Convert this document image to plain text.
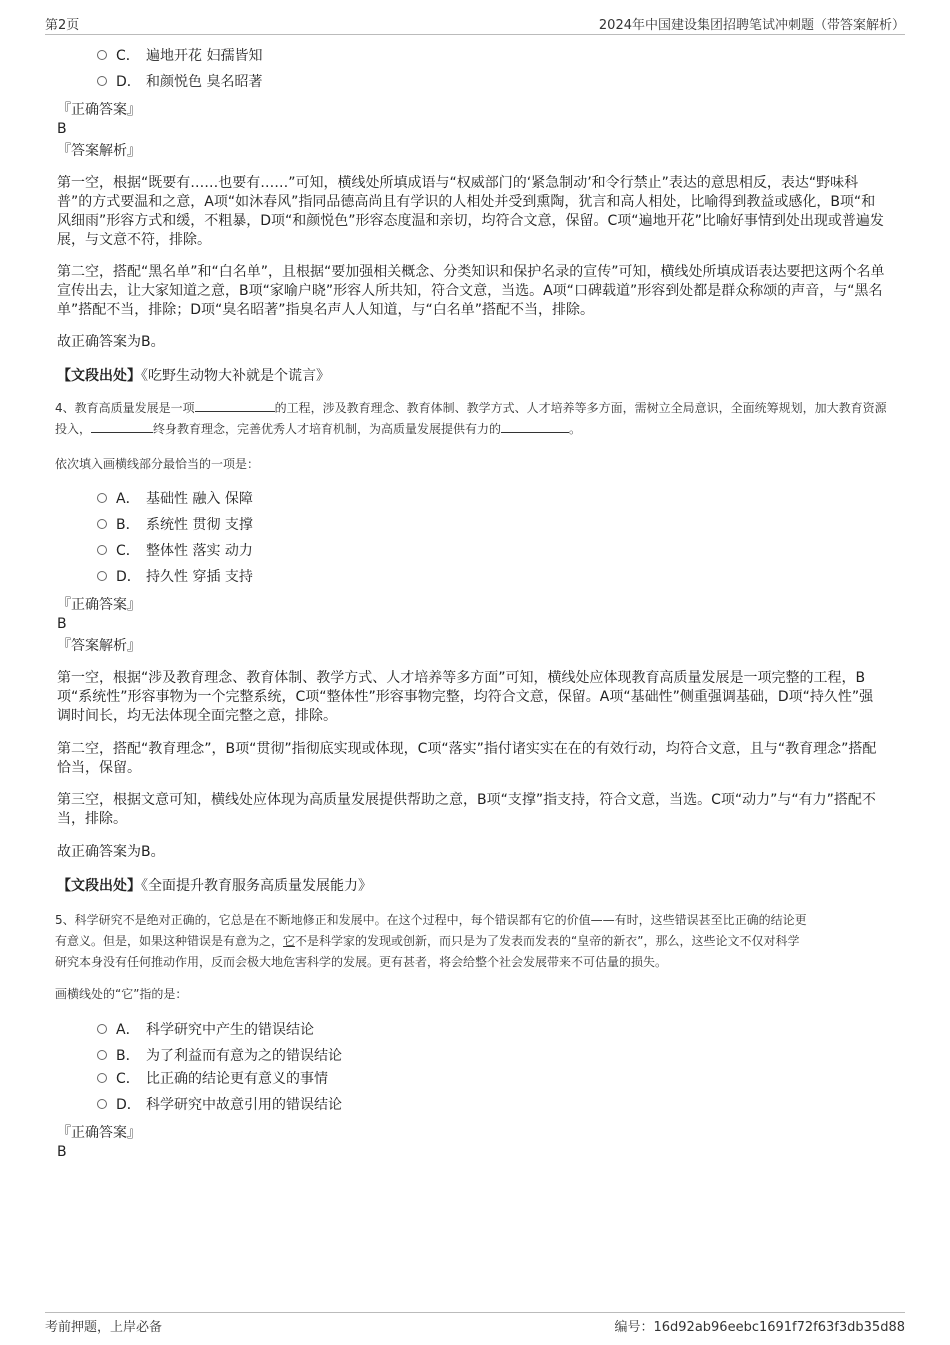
第2页	2024年中国建设集团招聘笔试冲刺题（带答案解析）
C． 遍地开花 妇孺皆知
D． 和颜悦色 臭名昭著
『正确答案』
B
『答案解析』
第一空，根据“既要有……也要有……”可知，横线处所填成语与“权威部门的‘紧急制动’和令行禁止”表达的意思相反，表达“野味科普”的方式要温和之意，A项“如沐春风”指同品德高尚且有学识的人相处并受到熏陶，犹言和高人相处，比喻得到教益或感化，B项“和风细雨”形容方式和缓，不粗暴，D项“和颜悦色”形容态度温和亲切，均符合文意，保留。C项“遍地开花”比喻好事情到处出现或普遍发展，与文意不符，排除。
第二空，搭配“黑名单”和“白名单”，且根据“要加强相关概念、分类知识和保护名录的宣传”可知，横线处所填成语表达要把这两个名单宣传出去，让大家知道之意，B项“家喻户晓”形容人所共知，符合文意，当选。A项“口碑载道”形容到处都是群众称颂的声音，与“黑名单”搭配不当，排除；D项“臭名昭著”指臭名声人人知道，与“白名单”搭配不当，排除。
故正确答案为B。
【文段出处】《吃野生动物大补就是个谎言》
4、教育高质量发展是一项	的工程，涉及教育理念、教育体制、教学方式、人才培养等多方面，需树立全局意识，全面统筹规划，加大教育资源投入，	终身教育理念，完善优秀人才培育机制，为高质量发展提供有力的	。
依次填入画横线部分最恰当的一项是：
A． 基础性 融入 保障
B． 系统性 贯彻 支撑
C． 整体性 落实 动力
D． 持久性 穿插 支持
『正确答案』
B
『答案解析』
第一空，根据“涉及教育理念、教育体制、教学方式、人才培养等多方面”可知，横线处应体现教育高质量发展是一项完整的工程，B项“系统性”形容事物为一个完整系统，C项“整体性”形容事物完整，均符合文意，保留。A项“基础性”侧重强调基础，D项“持久性”强调时间长，均无法体现全面完整之意，排除。
第二空，搭配“教育理念”，B项“贯彻”指彻底实现或体现，C项“落实”指付诸实实在在的有效行动，均符合文意，且与“教育理念”搭配恰当，保留。
第三空，根据文意可知，横线处应体现为高质量发展提供帮助之意，B项“支撑”指支持，符合文意，当选。C项“动力”与“有力”搭配不当，排除。
故正确答案为B。
【文段出处】《全面提升教育服务高质量发展能力》
5、科学研究不是绝对正确的，它总是在不断地修正和发展中。在这个过程中，每个错误都有它的价值——有时，这些错误甚至比正确的结论更
有意义。但是，如果这种错误是有意为之，它不是科学家的发现或创新，而只是为了发表而发表的“皇帝的新衣”，那么，这些论文不仅对科学
研究本身没有任何推动作用，反而会极大地危害科学的发展。更有甚者，将会给整个社会发展带来不可估量的损失。
画横线处的“它”指的是：
A． 科学研究中产生的错误结论
B． 为了利益而有意为之的错误结论
C． 比正确的结论更有意义的事情
D． 科学研究中故意引用的错误结论
『正确答案』
B
考前押题，上岸必备	编号：16d92ab96eebc1691f72f63f3db35d88
